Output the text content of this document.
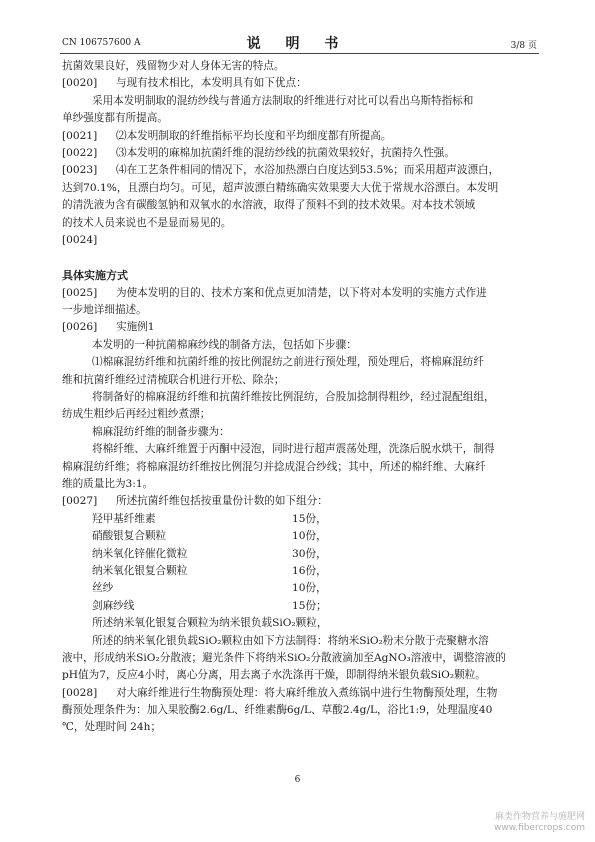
CN 106757600 A	说 明 书	3/8 页
抗菌效果良好，残留物少对人身体无害的特点。
[0020] 与现有技术相比，本发明具有如下优点：
采用本发明制取的混纺纱线与普通方法制取的纤维进行对比可以看出乌斯特指标和
单纱强度都有所提高。
[0021] ⑵本发明制取的纤维指标平均长度和平均细度都有所提高。
[0022] ⑶本发明的麻棉加抗菌纤维的混纺纱线的抗菌效果较好，抗菌持久性强。
[0023] ⑷在工艺条件相同的情况下，水浴加热漂白白度达到53.5%；而采用超声波漂白，
达到70.1%，且漂白均匀。可见，超声波漂白精练确实效果要大大优于常规水浴漂白。本发明
的清洗液为含有碳酸氢钠和双氧水的水溶液，取得了预料不到的技术效果。对本技术领域
的技术人员来说也不是显而易见的。
[0024]
具体实施方式
[0025] 为使本发明的目的、技术方案和优点更加清楚，以下将对本发明的实施方式作进
一步地详细描述。
[0026] 实施例1
本发明的一种抗菌棉麻纱线的制备方法，包括如下步骤：
⑴棉麻混纺纤维和抗菌纤维的按比例混纺之前进行预处理，预处理后，将棉麻混纺纤
维和抗菌纤维经过清梳联合机进行开松、除杂；
将制备好的棉麻混纺纤维和抗菌纤维按比例混纺，合股加捻制得粗纱，经过混配组组，
纺成生粗纱后再经过粗纱煮漂；
棉麻混纺纤维的制备步骤为：
将棉纤维、大麻纤维置于丙酮中浸泡，同时进行超声震荡处理，洗涤后脱水烘干，制得
棉麻混纺纤维；将棉麻混纺纤维按比例混匀并捻成混合纱线；其中，所述的棉纤维、大麻纤
维的质量比为3:1。
[0027] 所述抗菌纤维包括按重量份计数的如下组分：
羟甲基纤维素	15份，
硝酸银复合颗粒	10份，
纳米氧化锌催化微粒	30份，
纳米氧化银复合颗粒	16份，
丝纱	10份，
剑麻纱线	15份；
所述纳米氧化银复合颗粒为纳米银负载SiO₂颗粒，
所述的纳米氧化银负载SiO₂颗粒由如下方法制得：将纳米SiO₂粉末分散于壳聚糖水溶
液中，形成纳米SiO₂分散液；避光条件下将纳米SiO₂分散液滴加至AgNO₃溶液中，调整溶液的
pH值为7，反应4小时，离心分离，用去离子水洗涤再干燥，即制得纳米银负载SiO₂颗粒。
[0028] 对大麻纤维进行生物酶预处理：将大麻纤维放入煮练锅中进行生物酶预处理，生物
酶预处理条件为：加入果胶酶2.6g/L、纤维素酶6g/L、草酸2.4g/L，浴比1:9，处理温度40
℃，处理时间 24h；
6
麻类作物营养与施肥网
www.fibercrops.com
